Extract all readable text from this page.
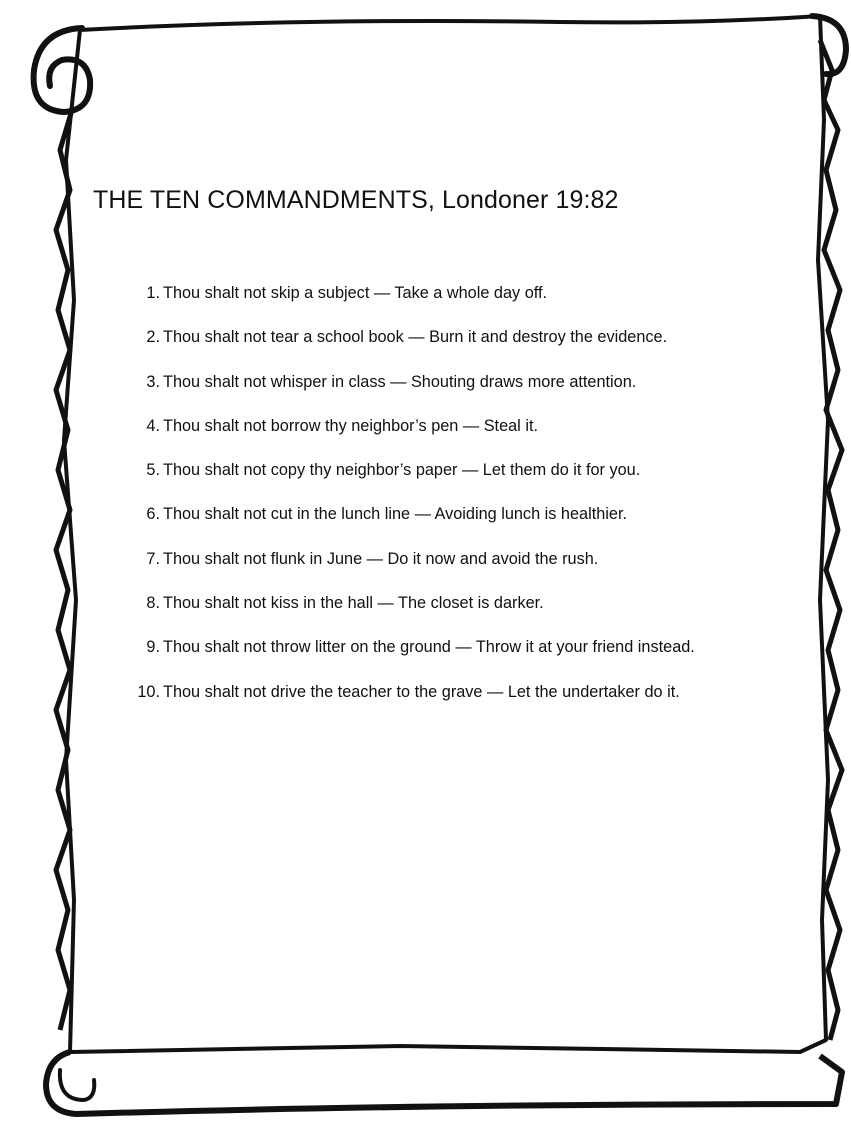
THE TEN COMMANDMENTS, Londoner 19:82
1. Thou shalt not skip a subject — Take a whole day off.
2. Thou shalt not tear a school book — Burn it and destroy the evidence.
3. Thou shalt not whisper in class — Shouting draws more attention.
4. Thou shalt not borrow thy neighbor’s pen — Steal it.
5. Thou shalt not copy thy neighbor’s paper — Let them do it for you.
6. Thou shalt not cut in the lunch line — Avoiding lunch is healthier.
7. Thou shalt not flunk in June — Do it now and avoid the rush.
8. Thou shalt not kiss in the hall — The closet is darker.
9. Thou shalt not throw litter on the ground — Throw it at your friend instead.
10. Thou shalt not drive the teacher to the grave — Let the undertaker do it.
